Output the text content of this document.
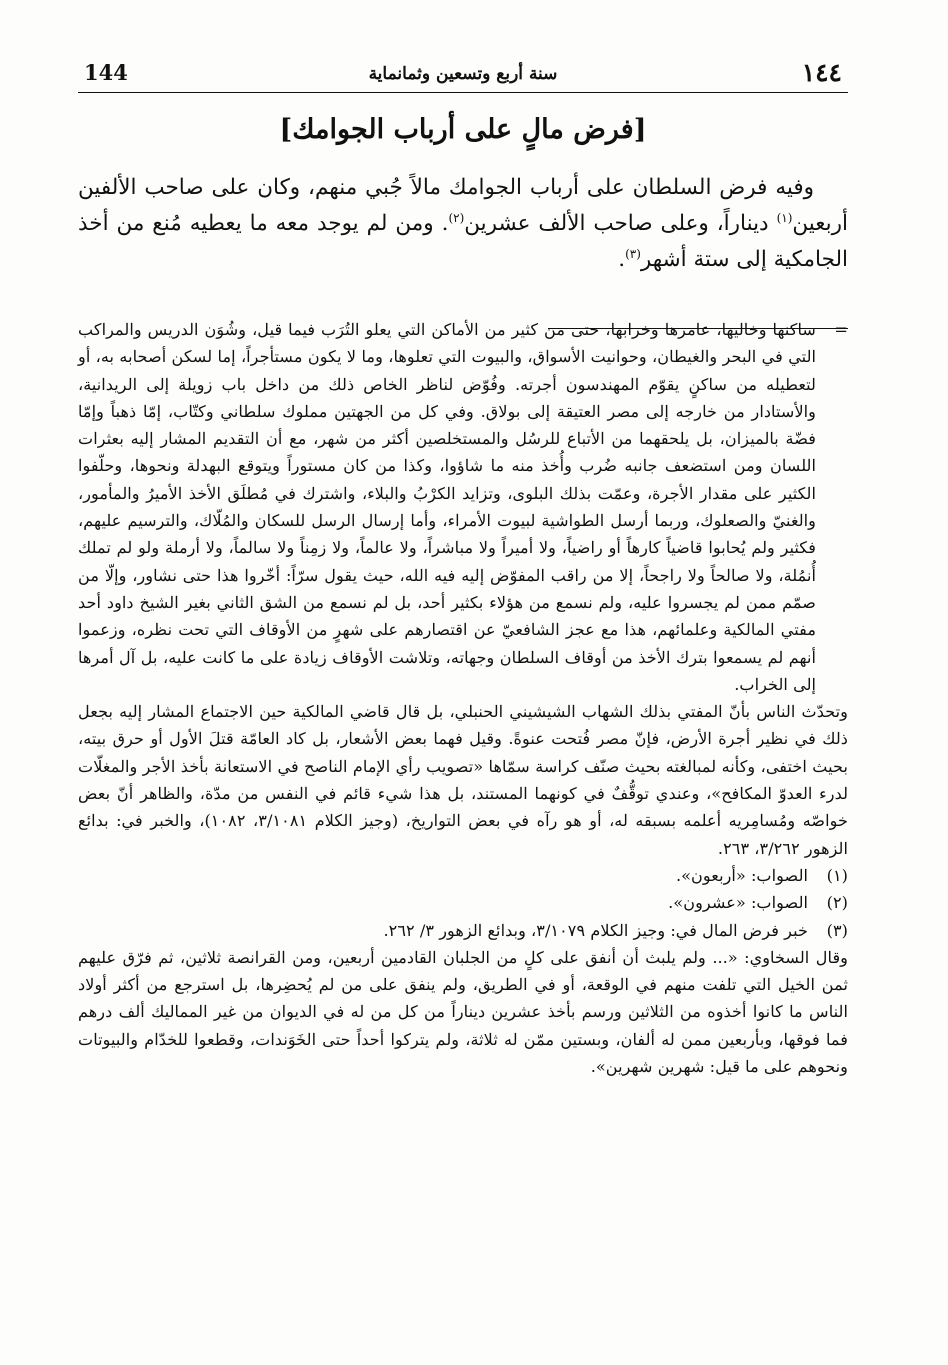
144	سنة أربع وتسعين وثمانماية	١٤٤
[فرض مالٍ على أرباب الجوامك]

وفيه فرض السلطان على أرباب الجوامك مالاً جُبي منهم، وكان على صاحب الألفين أربعين$^{(١)}$ ديناراً، وعلى صاحب الألف عشرين$^{(٢)}$. ومن لم يوجد معه ما يعطيه مُنع من أخذ الجامكية إلى ستة أشهر$^{(٣)}$.

=

ساكنها وخاليها، عامرها وخرابها، حتى من كثير من الأماكن التي يعلو التُرَب فيما قيل، وشُوَن الدريس والمراكب التي في البحر والغيطان، وحوانيت الأسواق، والبيوت التي تعلوها، وما لا يكون مستأجراً، إما لسكن أصحابه به، أو لتعطيله من ساكنٍ يقوّم المهندسون أجرته. وفُوّض لناظر الخاص ذلك من داخل باب زويلة إلى الريدانية، والأستادار من خارجه إلى مصر العتيقة إلى بولاق. وفي كل من الجهتين مملوك سلطاني وكتّاب، إمّا ذهباً وإمّا فضّة بالميزان، بل يلحقهما من الأتباع للرسُل والمستخلصين أكثر من شهر، مع أن التقديم المشار إليه بعثرات اللسان ومن استضعف جانبه ضُرب وأُخذ منه ما شاؤوا، وكذا من كان مستوراً ويتوقع البهدلة ونحوها، وحلّفوا الكثير على مقدار الأجرة، وعمّت بذلك البلوى، وتزايد الكرْبُ والبلاء، واشترك في مُطلَق الأخذ الأميرُ والمأمور، والغنيّ والصعلوك، وربما أرسل الطواشية لبيوت الأمراء، وأما إرسال الرسل للسكان والمُلّاك، والترسيم عليهم، فكثير ولم يُحابوا قاضياً كارهاً أو راضياً، ولا أميراً ولا مباشراً، ولا عالماً، ولا زمِناً ولا سالماً، ولا أرملة ولو لم تملك أُنمُلة، ولا صالحاً ولا راجحاً، إلا من راقب المفوّض إليه فيه الله، حيث يقول سرّاً: أخّروا هذا حتى نشاور، وإلّا من صمّم ممن لم يجسروا عليه، ولم نسمع من هؤلاء بكثير أحد، بل لم نسمع من الشق الثاني بغير الشيخ داود أحد مفتي المالكية وعلمائهم، هذا مع عجز الشافعيّ عن اقتصارهم على شهرٍ من الأوقاف التي تحت نظره، وزعموا أنهم لم يسمعوا بترك الأخذ من أوقاف السلطان وجهاته، وتلاشت الأوقاف زيادة على ما كانت عليه، بل آل أمرها إلى الخراب.

وتحدّث الناس بأنّ المفتي بذلك الشهاب الشيشيني الحنبلي، بل قال قاضي المالكية حين الاجتماع المشار إليه بجعل ذلك في نظير أجرة الأرض، فإنّ مصر فُتحت عنوةً. وقيل فهما بعض الأشعار، بل كاد العامّة قتلَ الأول أو حرق بيته، بحيث اختفى، وكأنه لمبالغته بحيث صنّف كراسة سمّاها «تصويب رأي الإمام الناصح في الاستعانة بأخذ الأجر والمغلّات لدرء العدوّ المكافح»، وعندي توقُّفٌ في كونهما المستند، بل هذا شيء قائم في النفس من مدّة، والظاهر أنّ بعض خواصّه ومُسامِريه أعلمه بسبقه له، أو هو رآه في بعض التواريخ، (وجيز الكلام ٣/١٠٨١، ١٠٨٢)، والخبر في: بدائع الزهور ٣/٢٦٢، ٢٦٣.

(١)
الصواب: «أربعون».
(٢)
الصواب: «عشرون».
(٣)
خبر فرض المال في: وجيز الكلام ٣/١٠٧٩، وبدائع الزهور ٣/ ٢٦٢.

وقال السخاوي: «... ولم يلبث أن أنفق على كلٍ من الجلبان القادمين أربعين، ومن القرانصة ثلاثين، ثم فرّق عليهم ثمن الخيل التي تلفت منهم في الوقعة، أو في الطريق، ولم ينفق على من لم يُحضِرها، بل استرجع من أكثر أولاد الناس ما كانوا أخذوه من الثلاثين ورسم بأخذ عشرين ديناراً من كل من له في الديوان من غير المماليك ألف درهم فما فوقها، وبأربعين ممن له ألفان، وبستين ممّن له ثلاثة، ولم يتركوا أحداً حتى الخَوَندات، وقطعوا للخدّام والبيوتات ونحوهم على ما قيل: شهرين شهرين».
